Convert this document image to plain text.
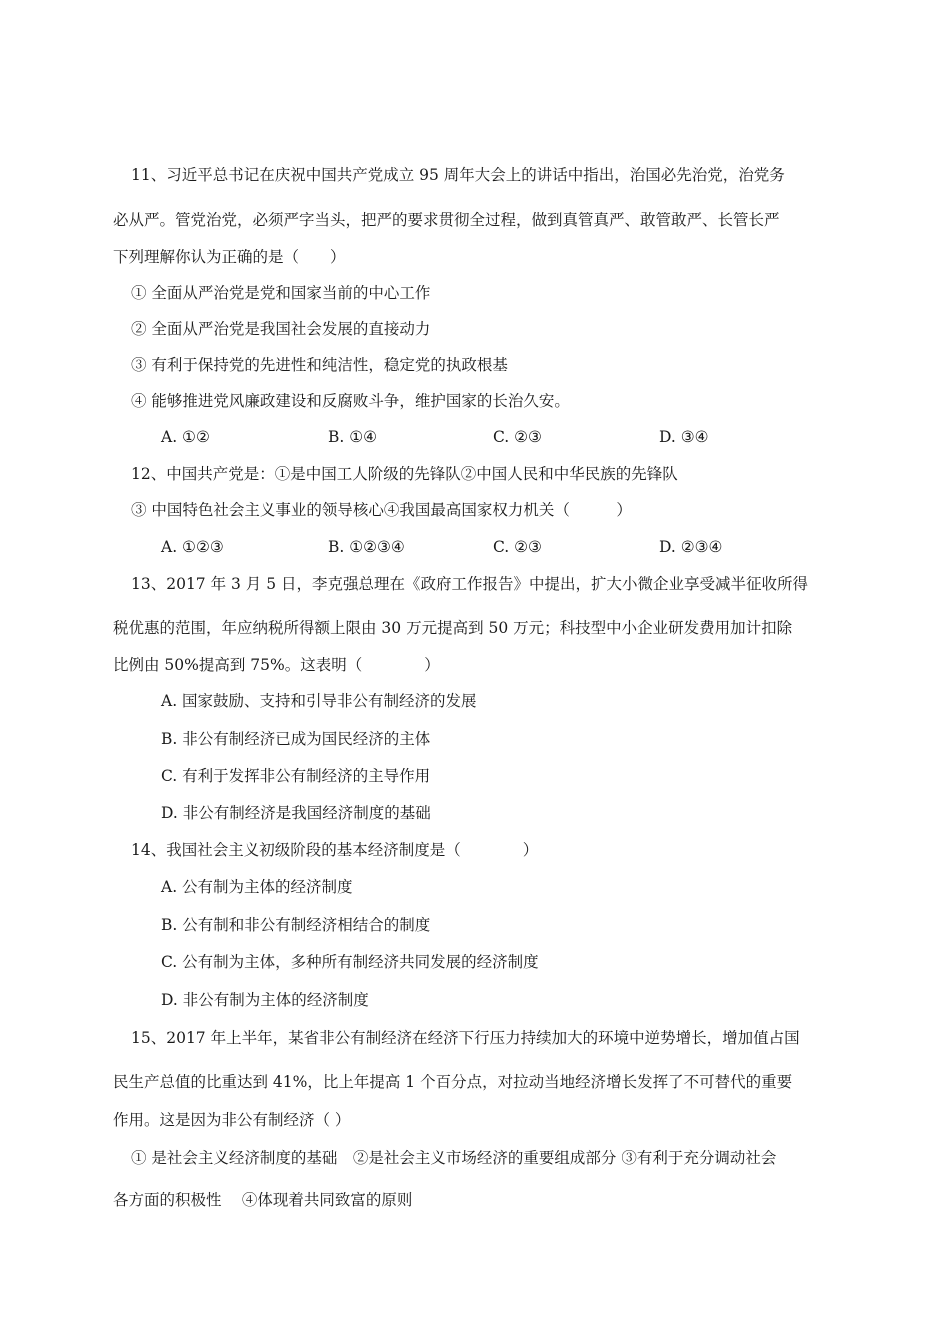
11、习近平总书记在庆祝中国共产党成立 95 周年大会上的讲话中指出，治国必先治党，治党务
必从严。管党治党，必须严字当头，把严的要求贯彻全过程，做到真管真严、敢管敢严、长管长严
下列理解你认为正确的是（　　）
① 全面从严治党是党和国家当前的中心工作
② 全面从严治党是我国社会发展的直接动力
③ 有利于保持党的先进性和纯洁性，稳定党的执政根基
④ 能够推进党风廉政建设和反腐败斗争，维护国家的长治久安。
A. ①②	B. ①④	C. ②③	D. ③④
12、中国共产党是：①是中国工人阶级的先锋队②中国人民和中华民族的先锋队
③ 中国特色社会主义事业的领导核心④我国最高国家权力机关（　　　）
A. ①②③	B. ①②③④	C. ②③	D. ②③④
13、2017 年 3 月 5 日，李克强总理在《政府工作报告》中提出，扩大小微企业享受减半征收所得
税优惠的范围，年应纳税所得额上限由 30 万元提高到 50 万元；科技型中小企业研发费用加计扣除
比例由 50%提高到 75%。这表明（　　　　）
A. 国家鼓励、支持和引导非公有制经济的发展
B. 非公有制经济已成为国民经济的主体
C. 有利于发挥非公有制经济的主导作用
D. 非公有制经济是我国经济制度的基础
14、我国社会主义初级阶段的基本经济制度是（　　　　）
A. 公有制为主体的经济制度
B. 公有制和非公有制经济相结合的制度
C. 公有制为主体，多种所有制经济共同发展的经济制度
D. 非公有制为主体的经济制度
15、2017 年上半年，某省非公有制经济在经济下行压力持续加大的环境中逆势增长，增加值占国
民生产总值的比重达到 41%，比上年提高 1 个百分点，对拉动当地经济增长发挥了不可替代的重要
作用。这是因为非公有制经济（ ）
① 是社会主义经济制度的基础　②是社会主义市场经济的重要组成部分 ③有利于充分调动社会
各方面的积极性　 ④体现着共同致富的原则
